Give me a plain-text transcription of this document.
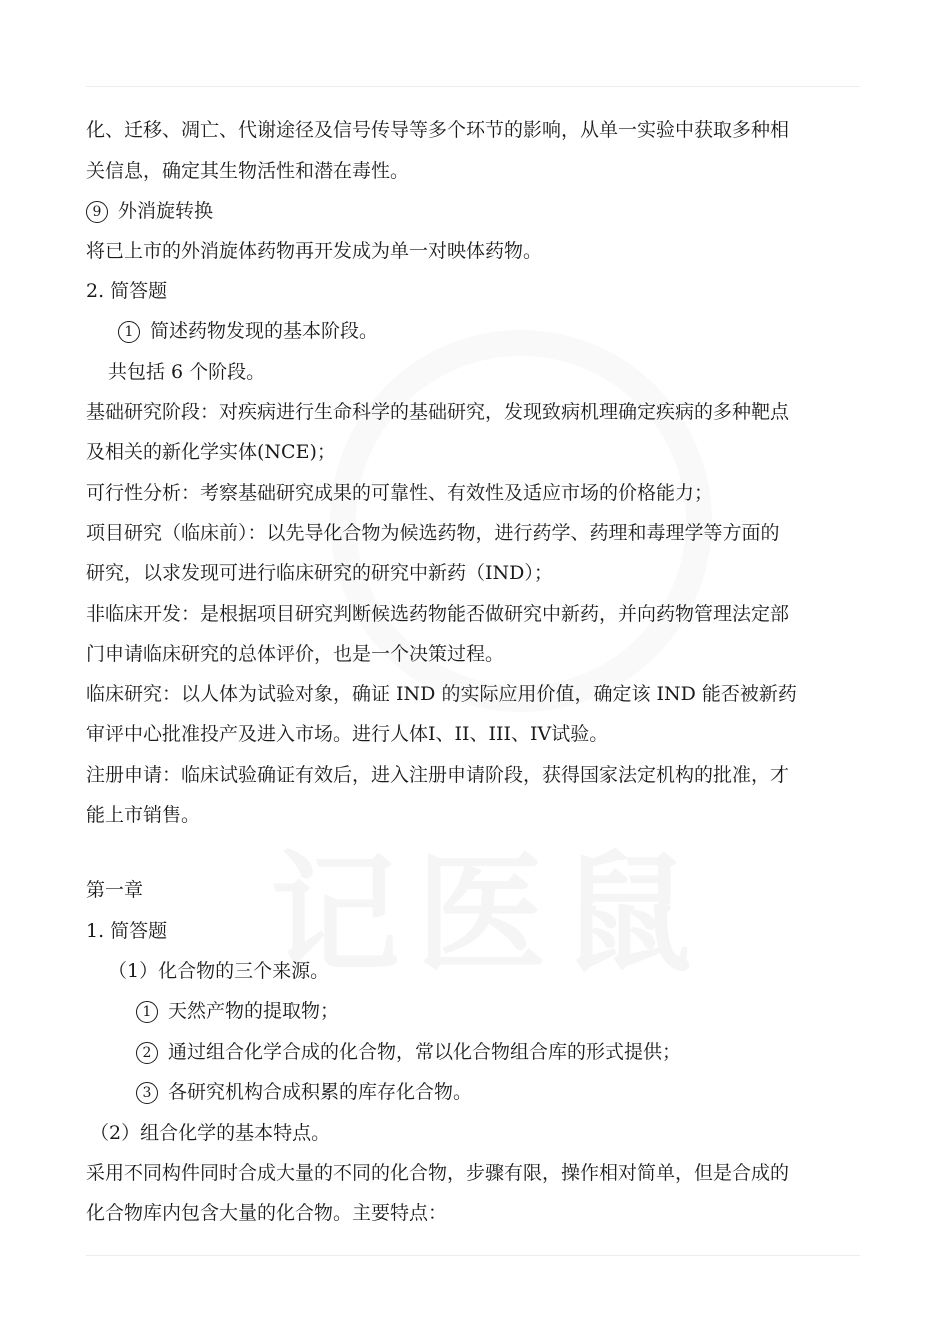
化、迁移、凋亡、代谢途径及信号传导等多个环节的影响，从单一实验中获取多种相
关信息，确定其生物活性和潜在毒性。
9 外消旋转换
将已上市的外消旋体药物再开发成为单一对映体药物。
2. 简答题
1 简述药物发现的基本阶段。
共包括 6 个阶段。
基础研究阶段：对疾病进行生命科学的基础研究，发现致病机理确定疾病的多种靶点
及相关的新化学实体(NCE)；
可行性分析：考察基础研究成果的可靠性、有效性及适应市场的价格能力；
项目研究（临床前）：以先导化合物为候选药物，进行药学、药理和毒理学等方面的
研究，以求发现可进行临床研究的研究中新药（IND）；
非临床开发：是根据项目研究判断候选药物能否做研究中新药，并向药物管理法定部
门申请临床研究的总体评价，也是一个决策过程。
临床研究：以人体为试验对象，确证 IND 的实际应用价值，确定该 IND 能否被新药
审评中心批准投产及进入市场。进行人体I、II、III、IV试验。
注册申请：临床试验确证有效后，进入注册申请阶段，获得国家法定机构的批准，才
能上市销售。
第一章
1. 简答题
（1）化合物的三个来源。
1 天然产物的提取物；
2 通过组合化学合成的化合物，常以化合物组合库的形式提供；
3 各研究机构合成积累的库存化合物。
（2）组合化学的基本特点。
采用不同构件同时合成大量的不同的化合物，步骤有限，操作相对简单，但是合成的
化合物库内包含大量的化合物。主要特点：
